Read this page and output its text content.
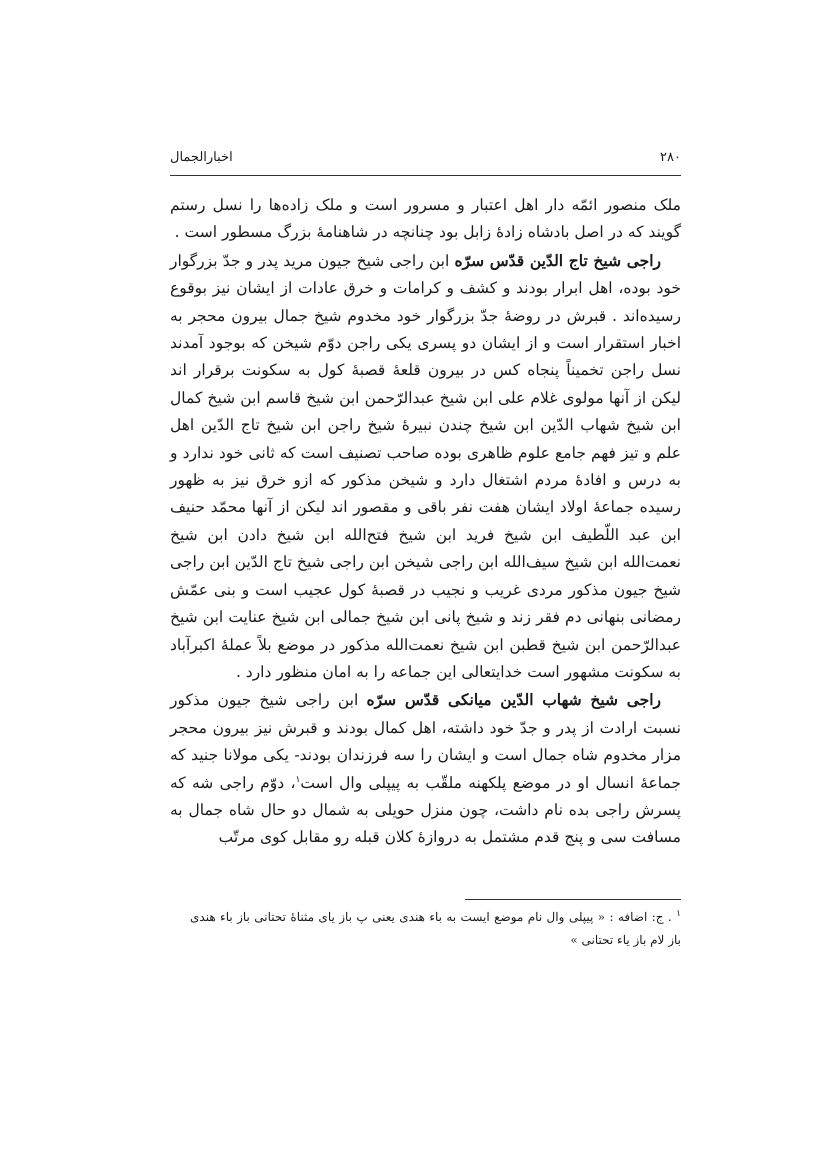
۲۸۰
اخبارالجمال

ملک منصور ائمّه دار اهل اعتبار و مسرور است و ملک زاده‌ها را نسل رستم گویند که در اصل بادشاه زادهٔ زابل بود چنانچه در شاهنامهٔ بزرگ مسطور است .

راجی شیخ تاج الدّین قدّس سرّه ابن راجی شیخ جیون مرید پدر و جدّ بزرگوار خود بوده، اهل ابرار بودند و کشف و کرامات و خرق عادات از ایشان نیز بوقوع رسیده‌اند . قبرش در روضهٔ جدّ بزرگوار خود مخدوم شیخ جمال بیرون محجر به اخبار استقرار است و از ایشان دو پسری یکی راجن دوّم شیخن که بوجود آمدند نسل راجن تخمیناً پنجاه کس در بیرون قلعهٔ قصبهٔ کول به سکونت برقرار اند لیکن از آنها مولوی غلام علی ابن شیخ عبدالرّحمن ابن شیخ قاسم ابن شیخ کمال ابن شیخ شهاب الدّین ابن شیخ چندن نبیرهٔ شیخ راجن ابن شیخ تاج الدّین اهل علم و تیز فهم جامع علوم ظاهری بوده صاحب تصنیف است که ثانی خود ندارد و به درس و افادهٔ مردم اشتغال دارد و شیخن مذکور که ازو خرق نیز به ظهور رسیده جماعهٔ اولاد ایشان هفت نفر باقی و مقصور اند لیکن از آنها محمّد حنیف ابن عبد اللّطیف ابن شیخ فرید ابن شیخ فتح‌الله ابن شیخ دادن ابن شیخ نعمت‌الله ابن شیخ سیف‌الله ابن راجی شیخن ابن راجی شیخ تاج الدّین ابن راجی شیخ جیون مذکور مردی غریب و نجیب در قصبهٔ کول عجیب است و بنی عمّش رمضانی بنهانی دم فقر زند و شیخ پانی ابن شیخ جمالی ابن شیخ عنایت ابن شیخ عبدالرّحمن ابن شیخ قطبن ابن شیخ نعمت‌الله مذکور در موضع بلاً عملهٔ اکبرآباد به سکونت مشهور است خدایتعالی این جماعه را به امان منظور دارد .

راجی شیخ شهاب الدّین میانکی قدّس سرّه ابن راجی شیخ جیون مذکور نسبت ارادت از پدر و جدّ خود داشته، اهل کمال بودند و قبرش نیز بیرون محجر مزار مخدوم شاه جمال است و ایشان را سه فرزندان بودند- یکی مولانا جنید که جماعهٔ انسال او در موضع پلکهنه ملقّب به پیپلی وال است$^۱$، دوّم راجی شه که پسرش راجی بده نام داشت، چون منزل حویلی به شمال دو حال شاه جمال به مسافت سی و پنج قدم مشتمل به دروازهٔ کلان قبله رو مقابل کوی مرتّب

$^۱$ . ج: اضافه : « پیپلی وال نام موضع ایست به باء هندی یعنی پ باز یای مثناهٔ تحتانی باز باء هندی باز لام باز یاء تحتانی »
